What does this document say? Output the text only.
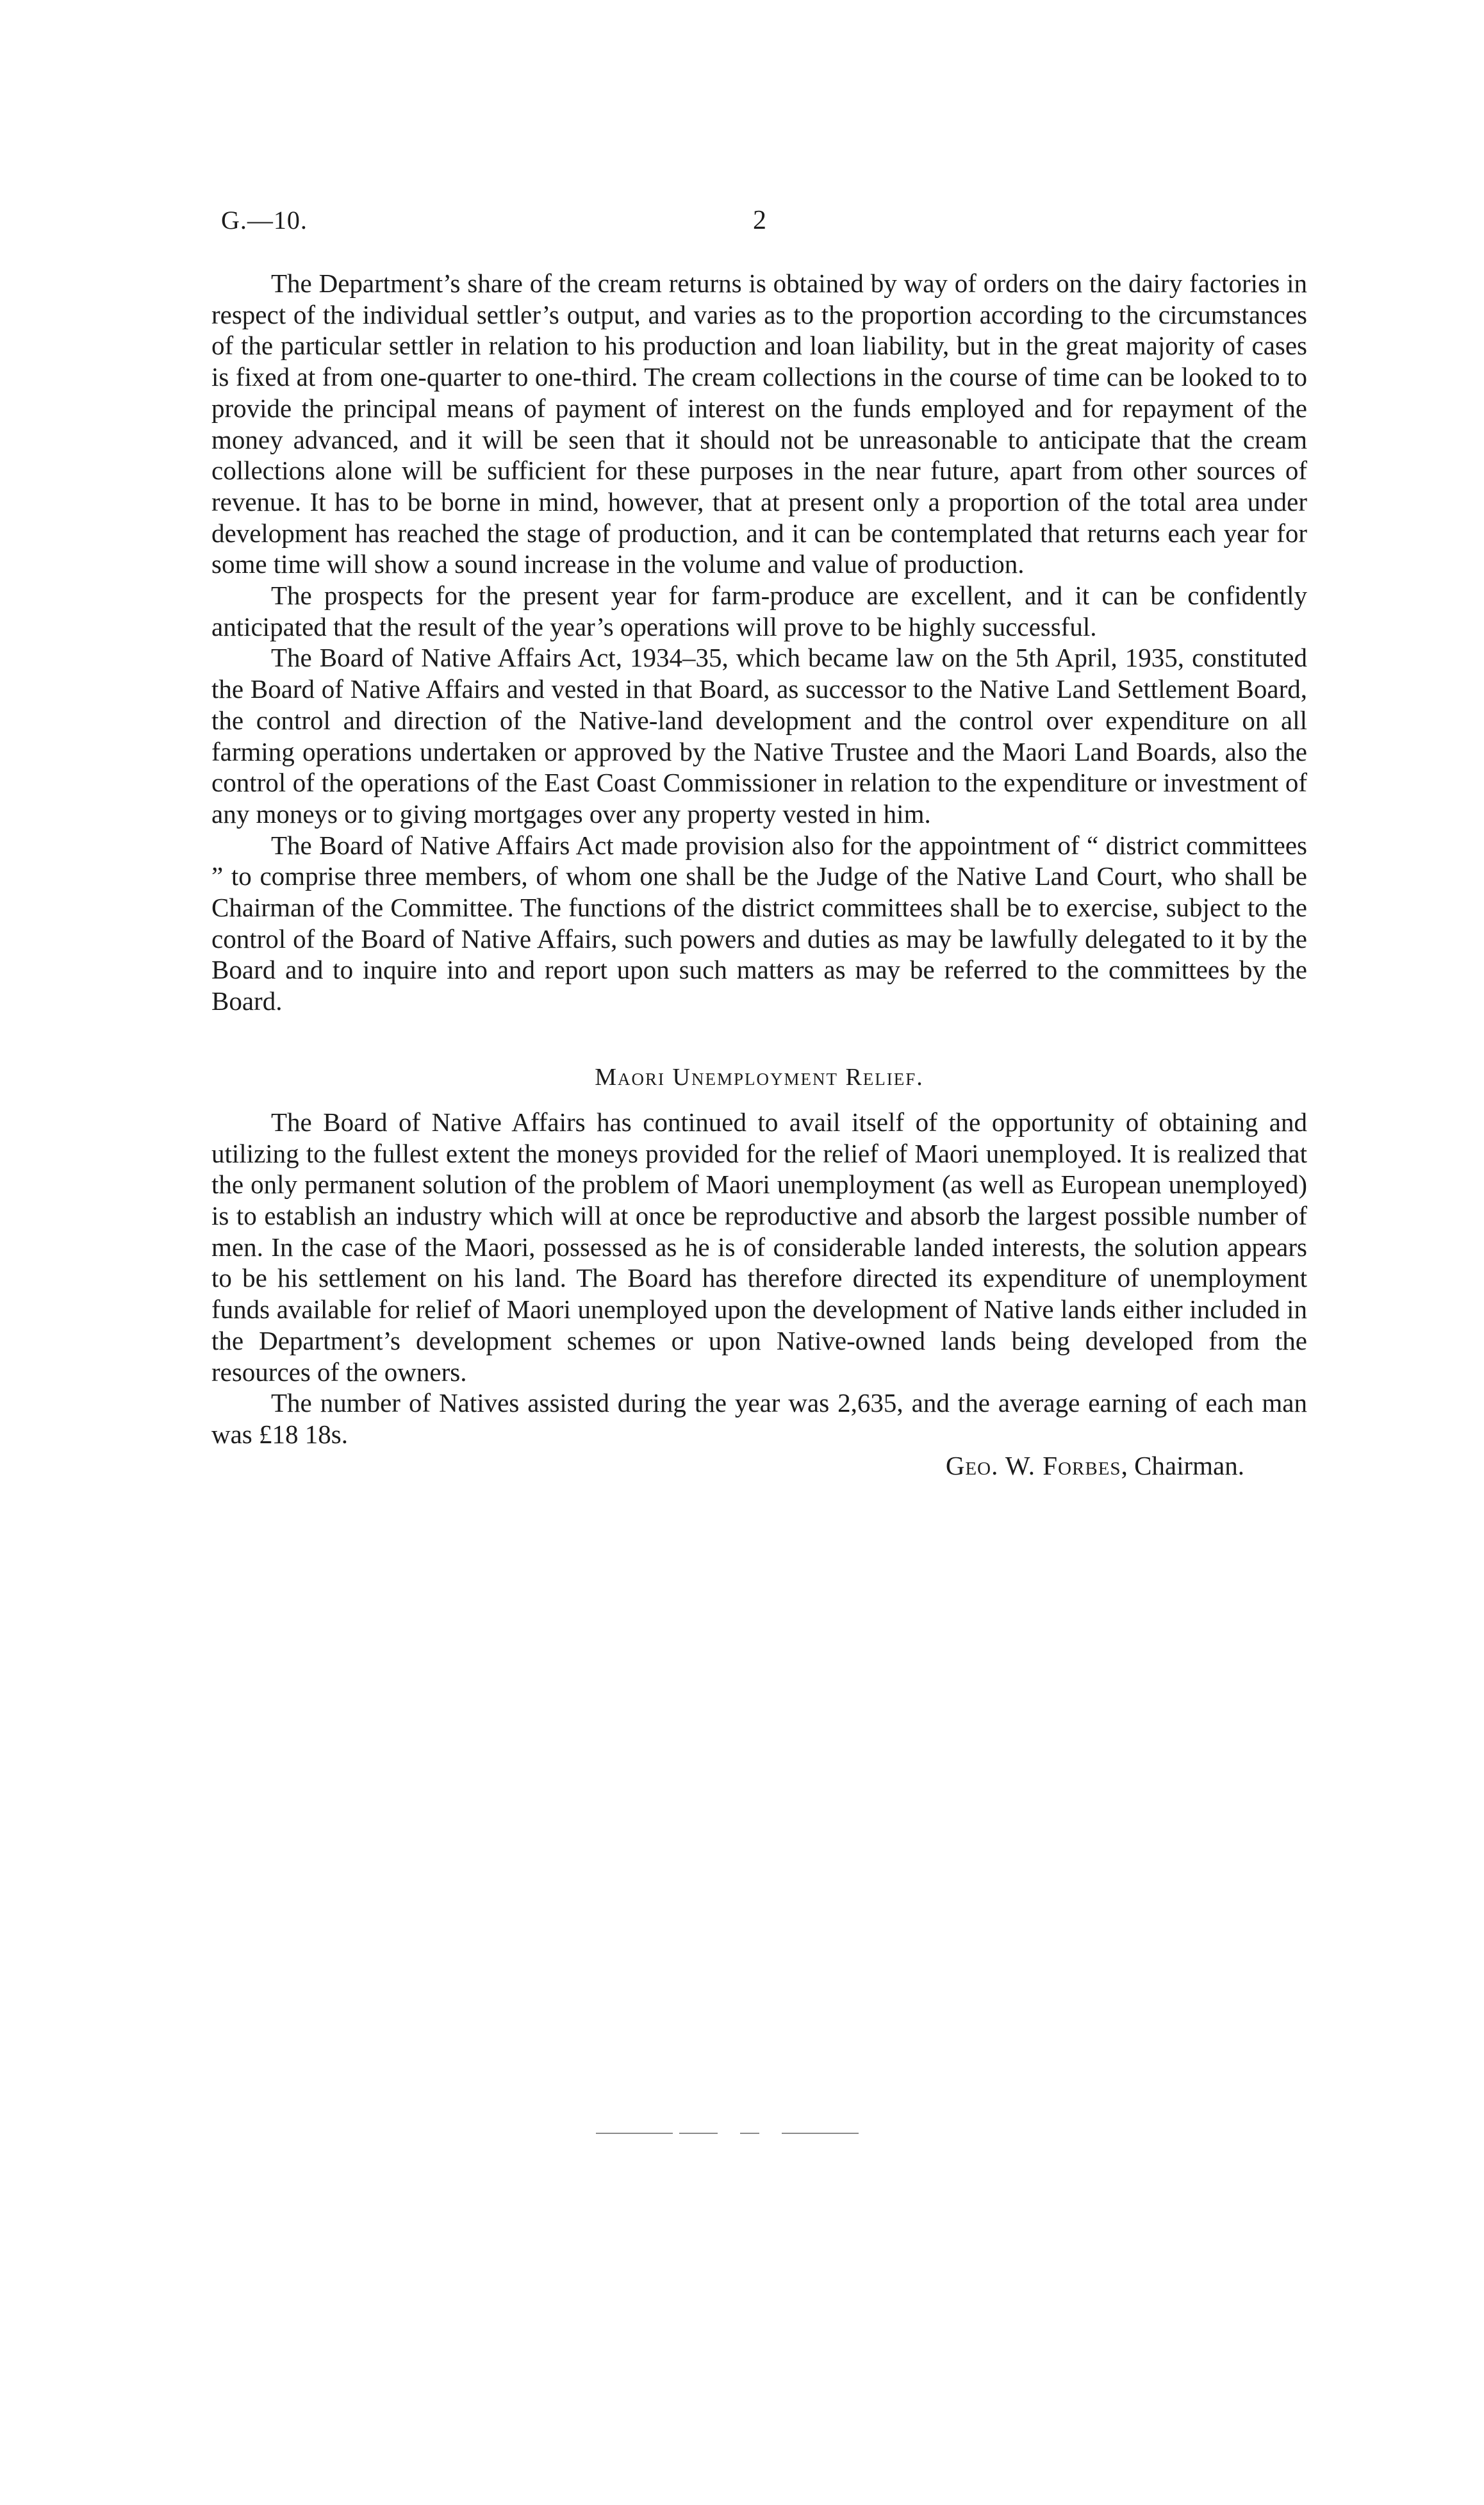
G.—10.	2

The Department’s share of the cream returns is obtained by way of orders on the dairy factories in respect of the individual settler’s output, and varies as to the proportion according to the circumstances of the particular settler in relation to his production and loan liability, but in the great majority of cases is fixed at from one-quarter to one-third. The cream collections in the course of time can be looked to to provide the principal means of payment of interest on the funds employed and for repayment of the money advanced, and it will be seen that it should not be unreasonable to anticipate that the cream collections alone will be sufficient for these purposes in the near future, apart from other sources of revenue. It has to be borne in mind, however, that at present only a proportion of the total area under development has reached the stage of production, and it can be contemplated that returns each year for some time will show a sound increase in the volume and value of production.

The prospects for the present year for farm-produce are excellent, and it can be confidently anticipated that the result of the year’s operations will prove to be highly successful.

The Board of Native Affairs Act, 1934–35, which became law on the 5th April, 1935, constituted the Board of Native Affairs and vested in that Board, as successor to the Native Land Settlement Board, the control and direction of the Native-land development and the control over expenditure on all farming operations undertaken or approved by the Native Trustee and the Maori Land Boards, also the control of the operations of the East Coast Commissioner in relation to the expenditure or investment of any moneys or to giving mortgages over any property vested in him.

The Board of Native Affairs Act made provision also for the appointment of “ district committees ” to comprise three members, of whom one shall be the Judge of the Native Land Court, who shall be Chairman of the Committee. The functions of the district committees shall be to exercise, subject to the control of the Board of Native Affairs, such powers and duties as may be lawfully delegated to it by the Board and to inquire into and report upon such matters as may be referred to the committees by the Board.

Maori Unemployment Relief.

The Board of Native Affairs has continued to avail itself of the opportunity of obtaining and utilizing to the fullest extent the moneys provided for the relief of Maori unemployed. It is realized that the only permanent solution of the problem of Maori unemployment (as well as European unemployed) is to establish an industry which will at once be reproductive and absorb the largest possible number of men. In the case of the Maori, possessed as he is of considerable landed interests, the solution appears to be his settlement on his land. The Board has therefore directed its expenditure of unemployment funds available for relief of Maori unemployed upon the development of Native lands either included in the Department’s development schemes or upon Native-owned lands being developed from the resources of the owners.

The number of Natives assisted during the year was 2,635, and the average earning of each man was £18 18s.

Geo. W. Forbes, Chairman.
